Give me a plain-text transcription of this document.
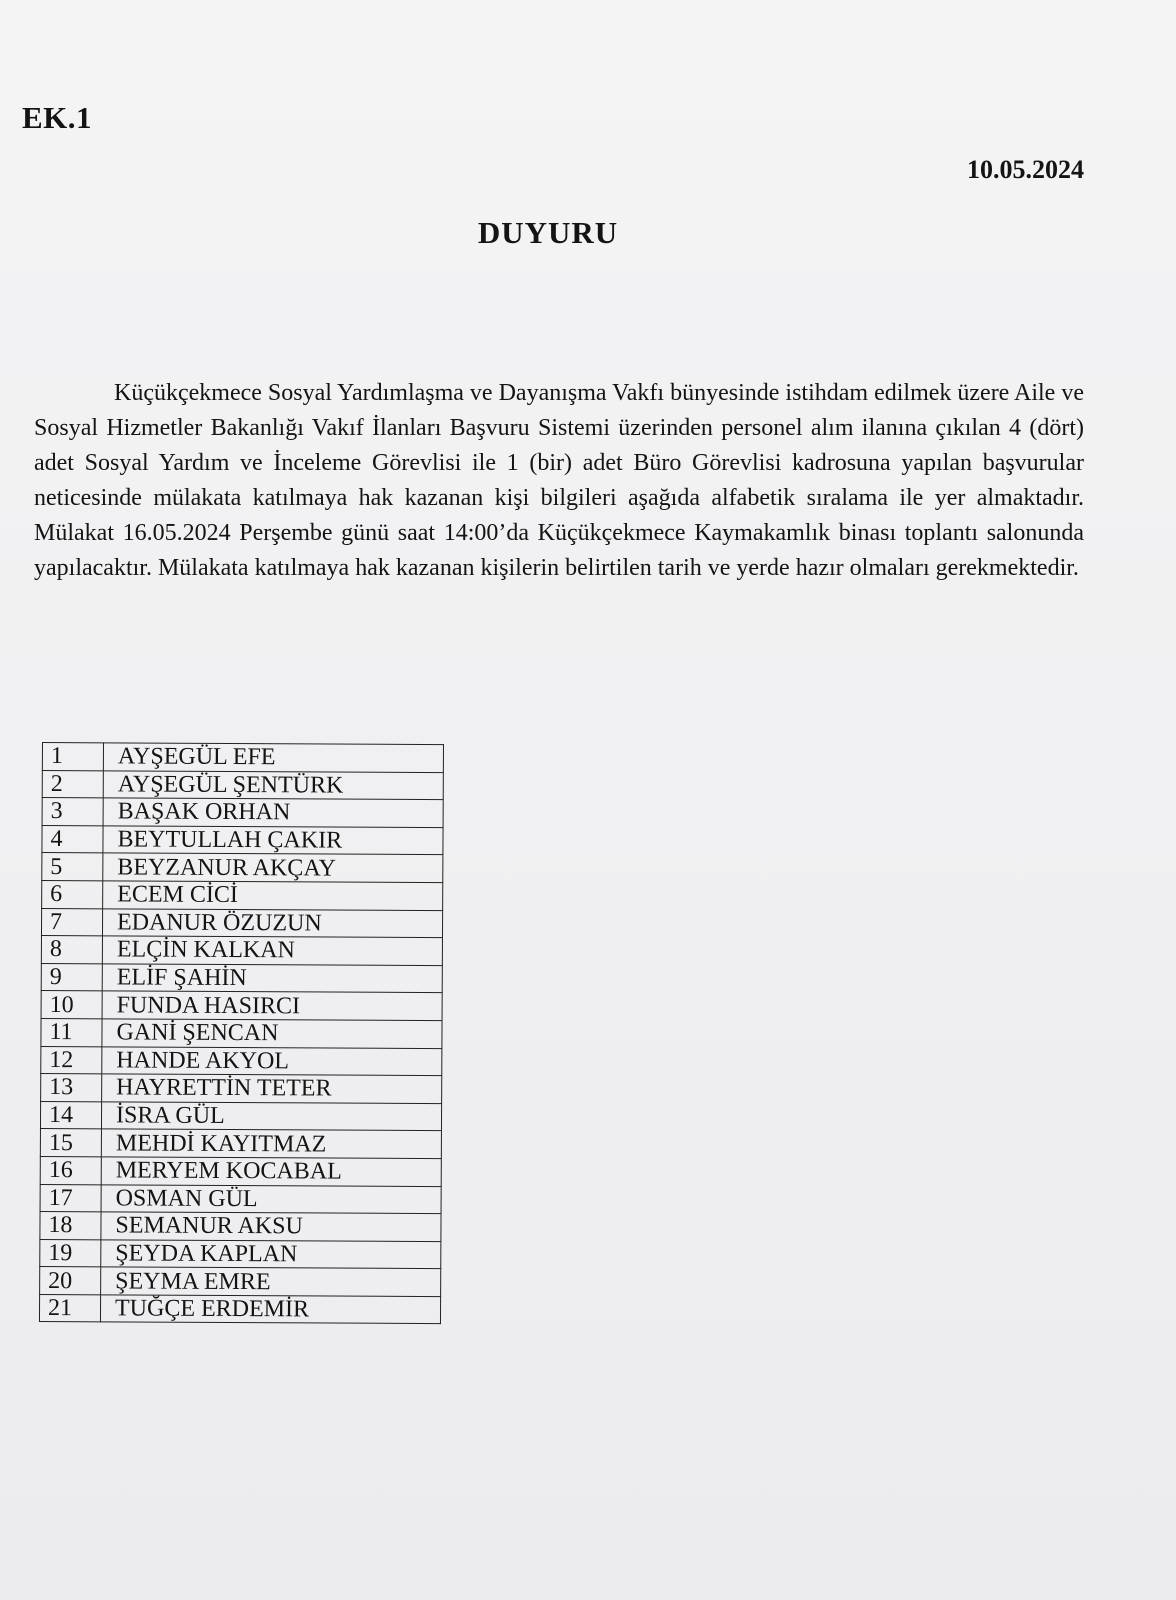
EK.1
10.05.2024
DUYURU

Küçükçekmece Sosyal Yardımlaşma ve Dayanışma Vakfı bünyesinde istihdam edilmek üzere Aile ve Sosyal Hizmetler Bakanlığı Vakıf İlanları Başvuru Sistemi üzerinden personel alım ilanına çıkılan 4 (dört) adet Sosyal Yardım ve İnceleme Görevlisi ile 1 (bir) adet Büro Görevlisi kadrosuna yapılan başvurular neticesinde mülakata katılmaya hak kazanan kişi bilgileri aşağıda alfabetik sıralama ile yer almaktadır. Mülakat 16.05.2024 Perşembe günü saat 14:00’da Küçükçekmece Kaymakamlık binası toplantı salonunda yapılacaktır. Mülakata katılmaya hak kazanan kişilerin belirtilen tarih ve yerde hazır olmaları gerekmektedir.

1	AYŞEGÜL EFE
2	AYŞEGÜL ŞENTÜRK
3	BAŞAK ORHAN
4	BEYTULLAH ÇAKIR
5	BEYZANUR AKÇAY
6	ECEM CİCİ
7	EDANUR ÖZUZUN
8	ELÇİN KALKAN
9	ELİF ŞAHİN
10	FUNDA HASIRCI
11	GANİ ŞENCAN
12	HANDE AKYOL
13	HAYRETTİN TETER
14	İSRA GÜL
15	MEHDİ KAYITMAZ
16	MERYEM KOCABAL
17	OSMAN GÜL
18	SEMANUR AKSU
19	ŞEYDA KAPLAN
20	ŞEYMA EMRE
21	TUĞÇE ERDEMİR
